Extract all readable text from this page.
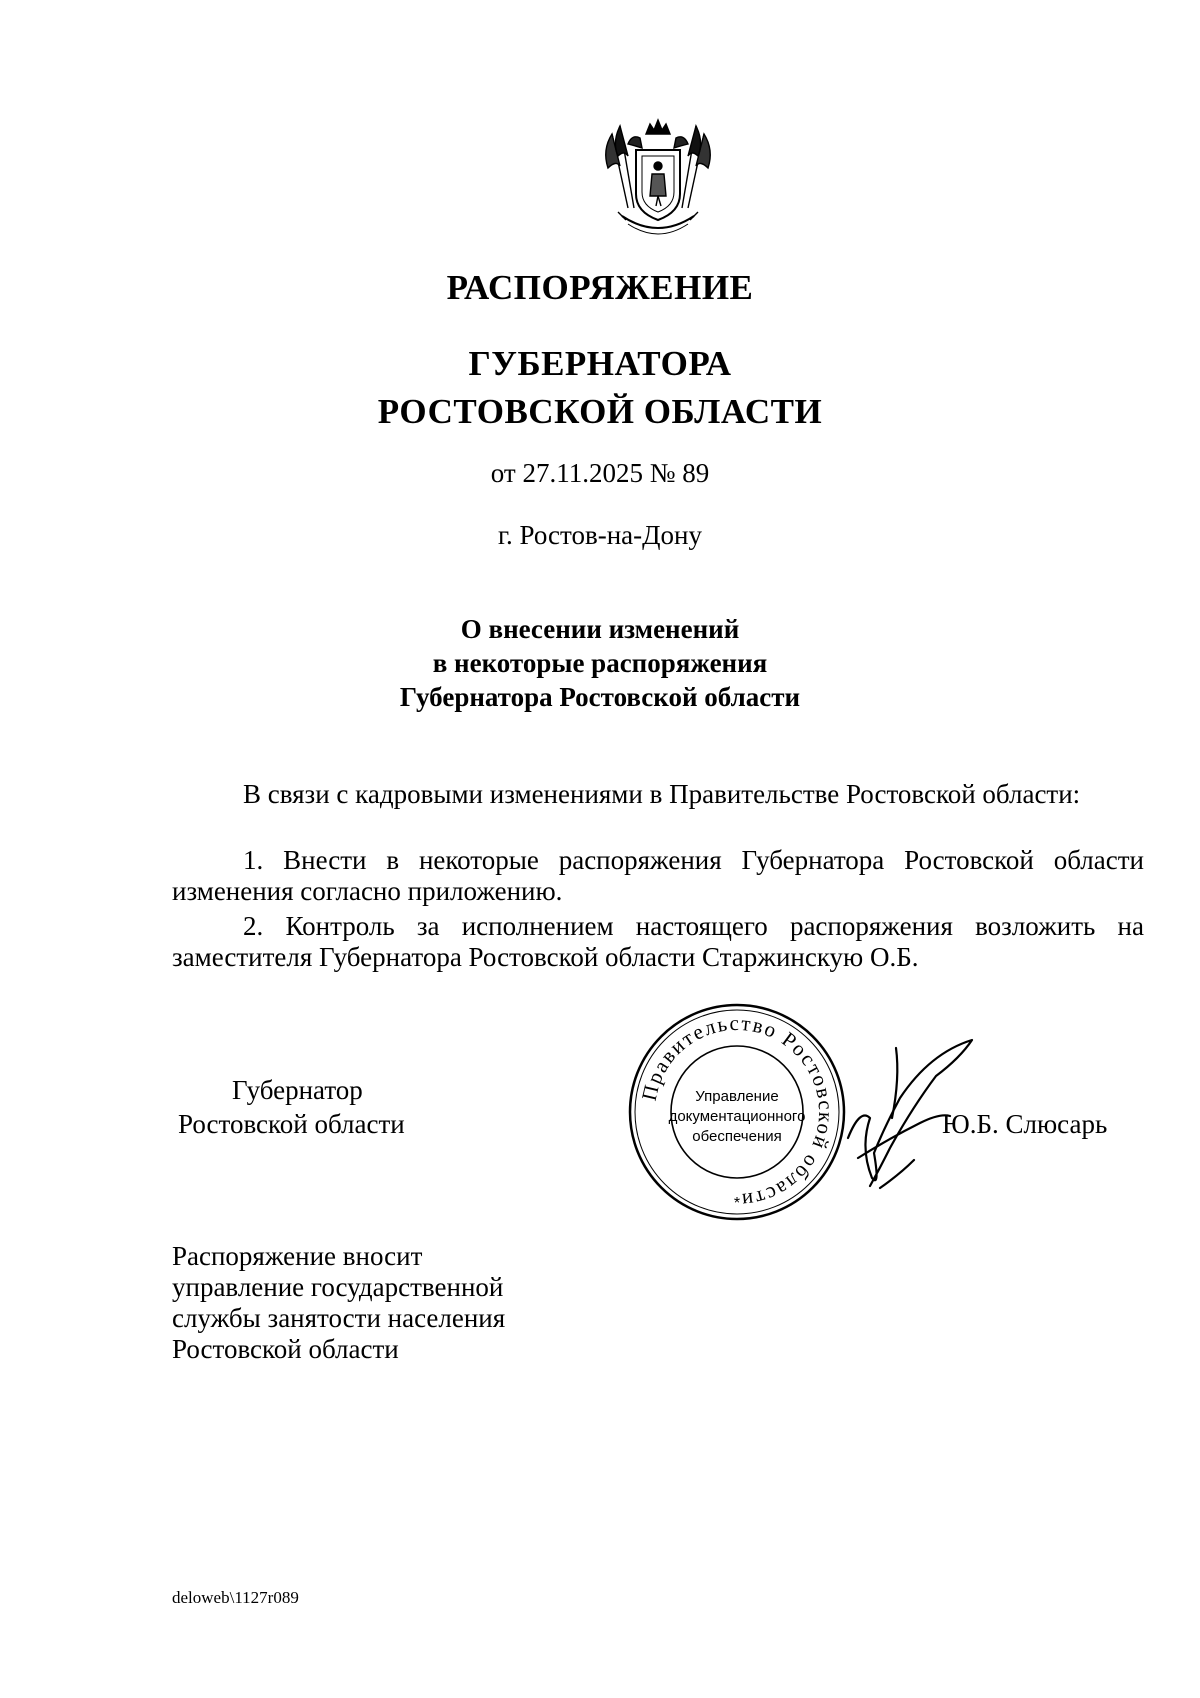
РАСПОРЯЖЕНИЕ
ГУБЕРНАТОРА
РОСТОВСКОЙ ОБЛАСТИ
от 27.11.2025 № 89
г. Ростов-на-Дону
О внесении изменений
в некоторые распоряжения
Губернатора Ростовской области
В связи с кадровыми изменениями в Правительстве Ростовской области:
1. Внести в некоторые распоряжения Губернатора Ростовской области изменения согласно приложению.
2. Контроль за исполнением настоящего распоряжения возложить на заместителя Губернатора Ростовской области Старжинскую О.Б.
Губернатор
Ростовской области
Правительство Ростовской области
Управление
документационного
обеспечения
*
Ю.Б. Слюсарь
Распоряжение вносит
управление государственной
службы занятости населения
Ростовской области
deloweb\1127r089
